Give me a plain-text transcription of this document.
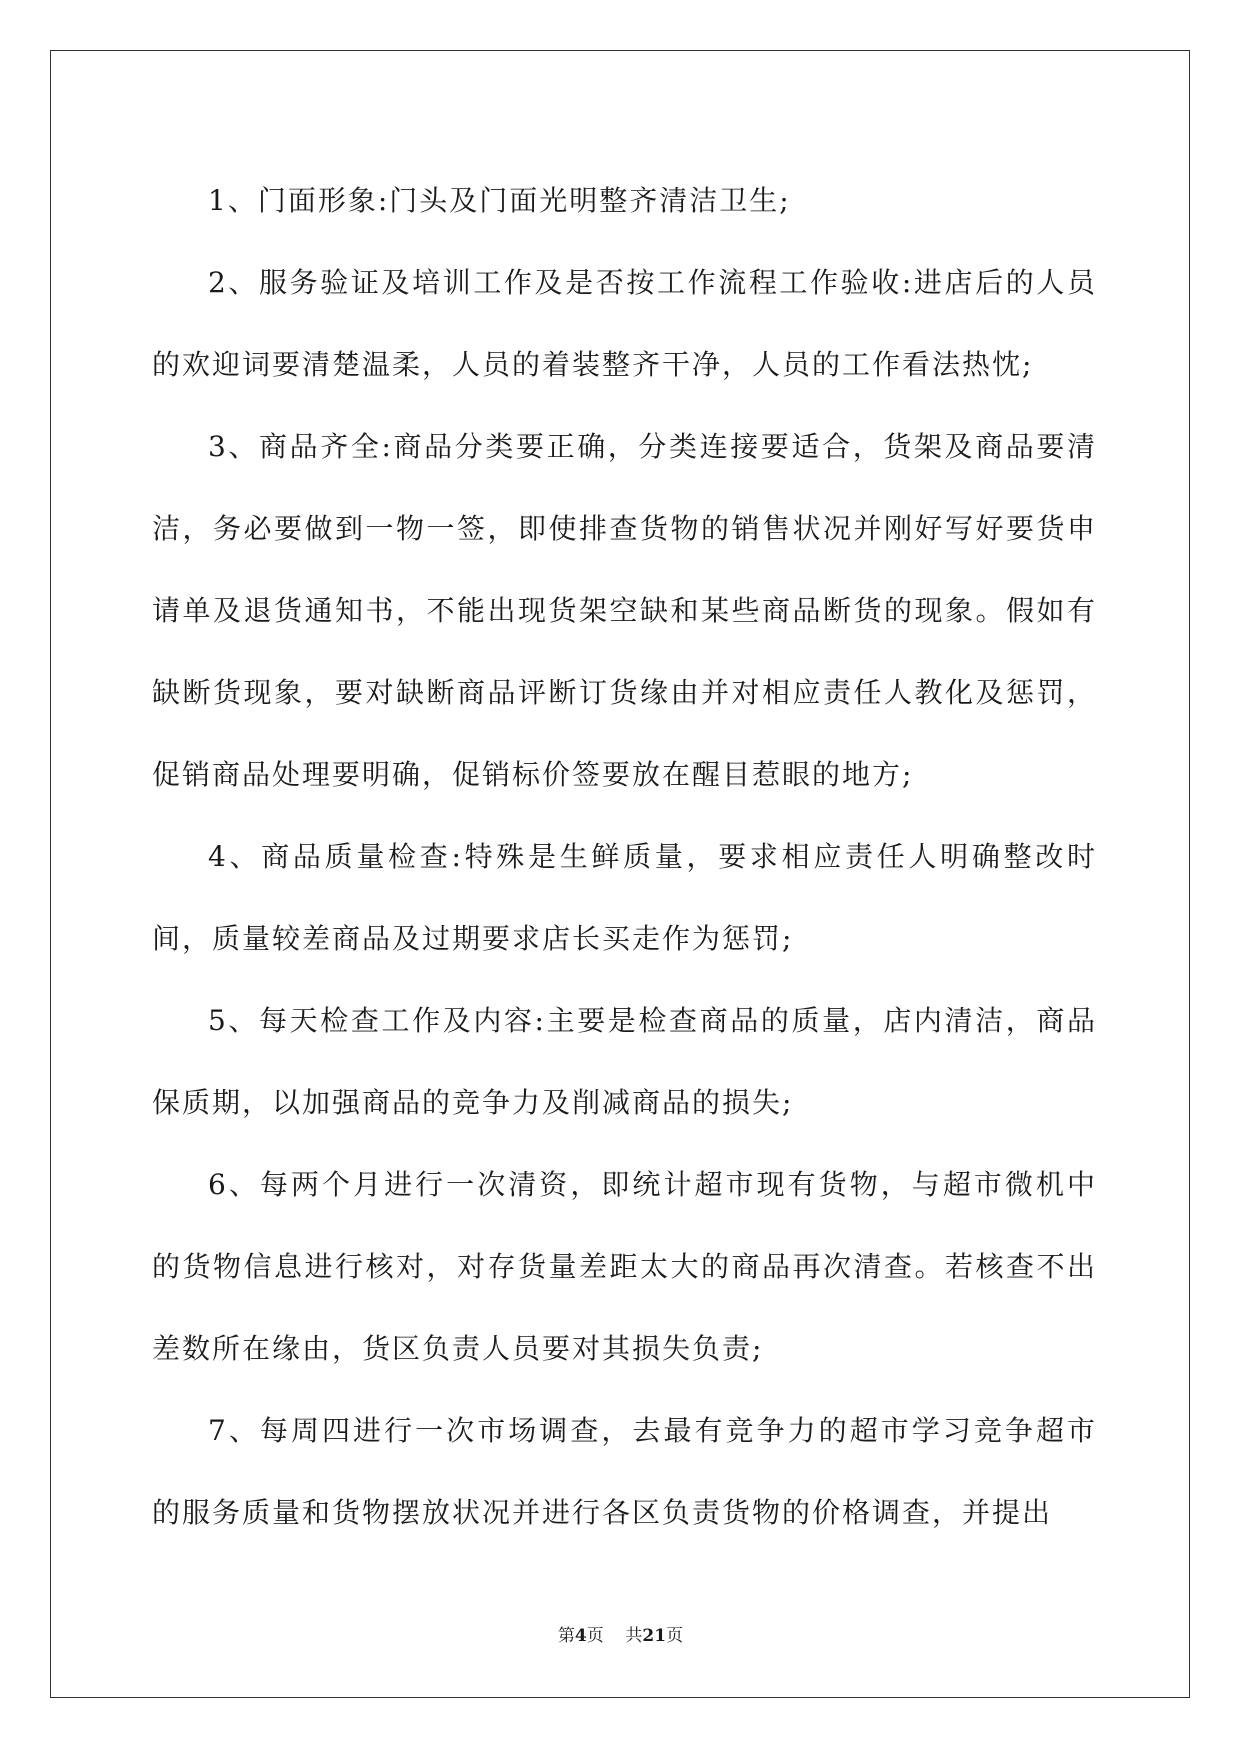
1、门面形象:门头及门面光明整齐清洁卫生;

2、服务验证及培训工作及是否按工作流程工作验收:进店后的人员的欢迎词要清楚温柔，人员的着装整齐干净，人员的工作看法热忱;

3、商品齐全:商品分类要正确，分类连接要适合，货架及商品要清洁，务必要做到一物一签，即使排查货物的销售状况并刚好写好要货申请单及退货通知书，不能出现货架空缺和某些商品断货的现象。假如有缺断货现象，要对缺断商品评断订货缘由并对相应责任人教化及惩罚，促销商品处理要明确，促销标价签要放在醒目惹眼的地方;

4、商品质量检查:特殊是生鲜质量，要求相应责任人明确整改时间，质量较差商品及过期要求店长买走作为惩罚;

5、每天检查工作及内容:主要是检查商品的质量，店内清洁，商品保质期，以加强商品的竞争力及削减商品的损失;

6、每两个月进行一次清资，即统计超市现有货物，与超市微机中的货物信息进行核对，对存货量差距太大的商品再次清查。若核查不出差数所在缘由，货区负责人员要对其损失负责;

7、每周四进行一次市场调查，去最有竞争力的超市学习竞争超市的服务质量和货物摆放状况并进行各区负责货物的价格调查，并提出

第4页 共21页
